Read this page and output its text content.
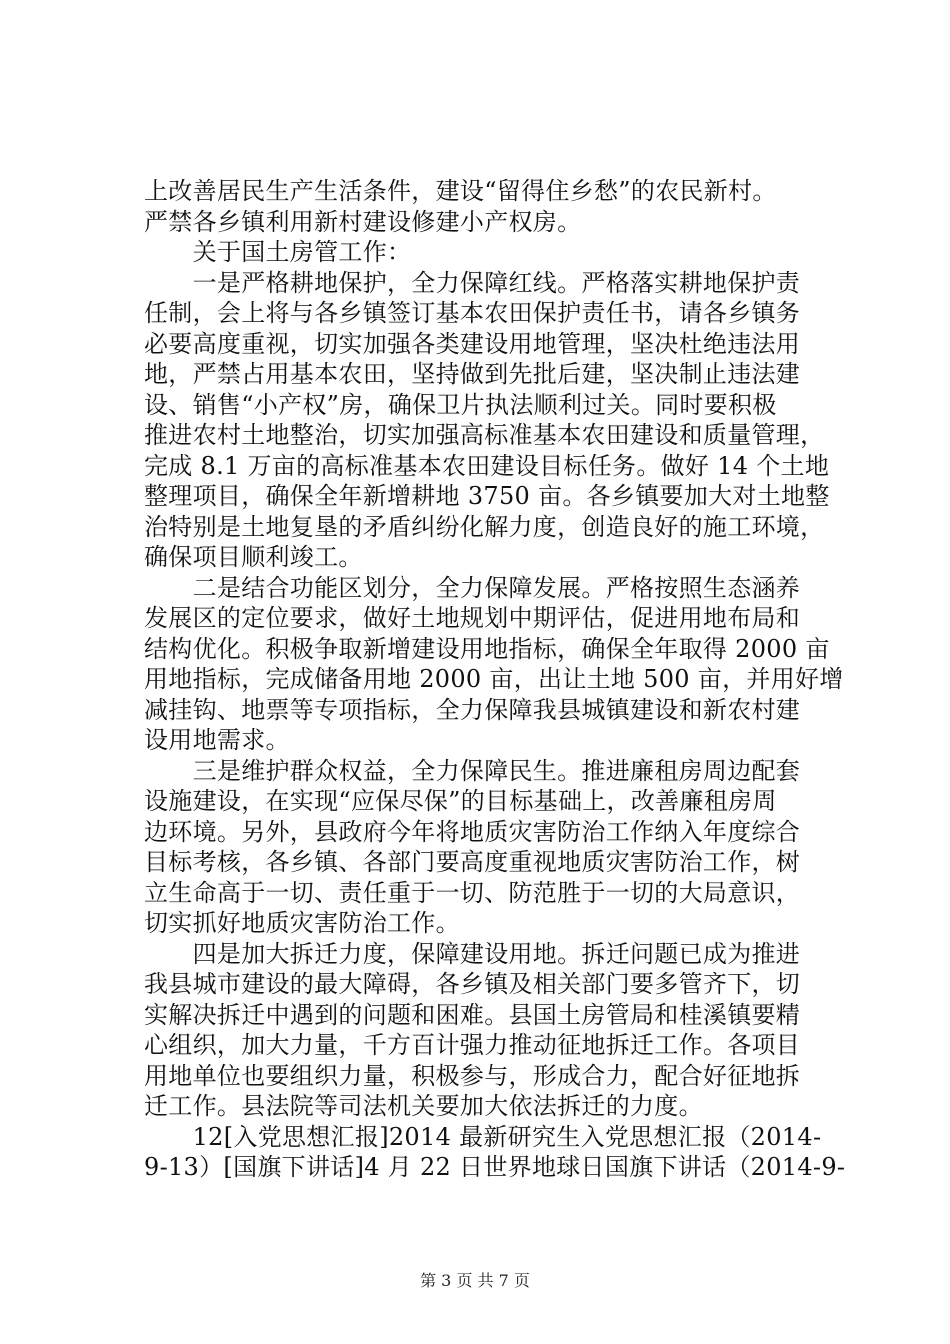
上改善居民生产生活条件，建设“留得住乡愁”的农民新村。
严禁各乡镇利用新村建设修建小产权房。
　　关于国土房管工作：
　　一是严格耕地保护，全力保障红线。严格落实耕地保护责
任制，会上将与各乡镇签订基本农田保护责任书，请各乡镇务
必要高度重视，切实加强各类建设用地管理，坚决杜绝违法用
地，严禁占用基本农田，坚持做到先批后建，坚决制止违法建
设、销售“小产权”房，确保卫片执法顺利过关。同时要积极
推进农村土地整治，切实加强高标准基本农田建设和质量管理，
完成 8.1 万亩的高标准基本农田建设目标任务。做好 14 个土地
整理项目，确保全年新增耕地 3750 亩。各乡镇要加大对土地整
治特别是土地复垦的矛盾纠纷化解力度，创造良好的施工环境，
确保项目顺利竣工。
　　二是结合功能区划分，全力保障发展。严格按照生态涵养
发展区的定位要求，做好土地规划中期评估，促进用地布局和
结构优化。积极争取新增建设用地指标，确保全年取得 2000 亩
用地指标，完成储备用地 2000 亩，出让土地 500 亩，并用好增
减挂钩、地票等专项指标，全力保障我县城镇建设和新农村建
设用地需求。
　　三是维护群众权益，全力保障民生。推进廉租房周边配套
设施建设，在实现“应保尽保”的目标基础上，改善廉租房周
边环境。另外，县政府今年将地质灾害防治工作纳入年度综合
目标考核，各乡镇、各部门要高度重视地质灾害防治工作，树
立生命高于一切、责任重于一切、防范胜于一切的大局意识，
切实抓好地质灾害防治工作。
　　四是加大拆迁力度，保障建设用地。拆迁问题已成为推进
我县城市建设的最大障碍，各乡镇及相关部门要多管齐下，切
实解决拆迁中遇到的问题和困难。县国土房管局和桂溪镇要精
心组织，加大力量，千方百计强力推动征地拆迁工作。各项目
用地单位也要组织力量，积极参与，形成合力，配合好征地拆
迁工作。县法院等司法机关要加大依法拆迁的力度。
　　12[入党思想汇报]2014 最新研究生入党思想汇报（2014-
9-13）[国旗下讲话]4 月 22 日世界地球日国旗下讲话（2014-9-
第 3 页 共 7 页
